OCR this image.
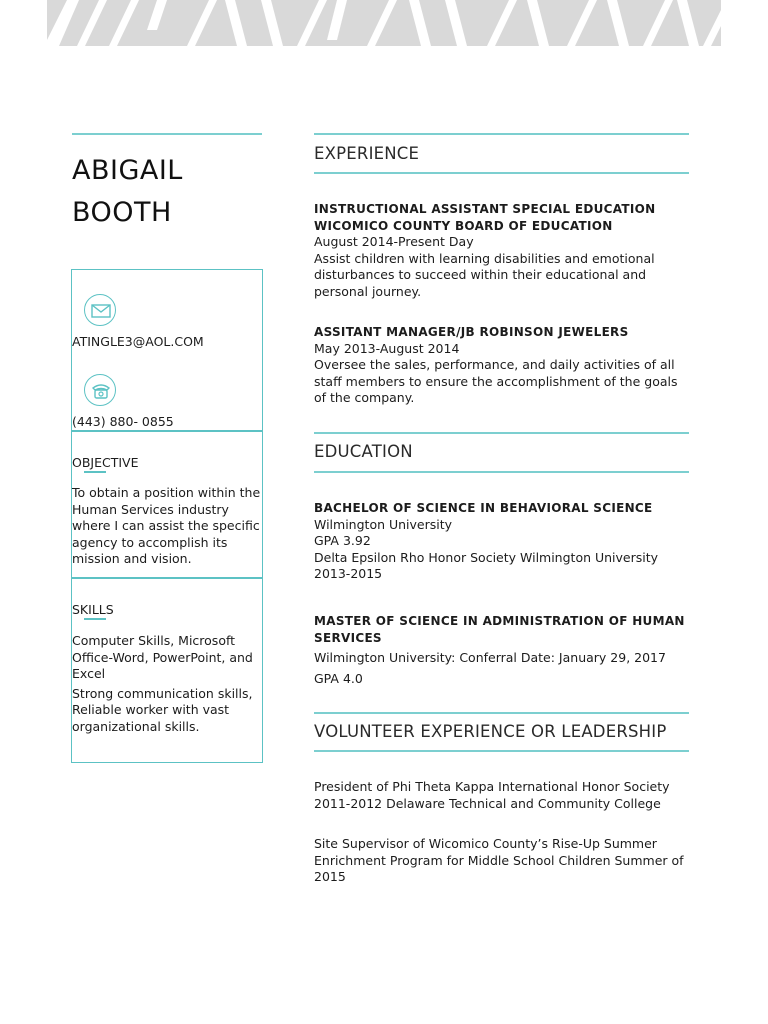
ABIGAIL
BOOTH
ATINGLE3@AOL.COM
(443) 880- 0855
OBJECTIVE

To obtain a position within the Human Services industry where I can assist the specific agency to accomplish its mission and vision.

SKILLS

Computer Skills, Microsoft Office-Word, PowerPoint, and Excel

Strong communication skills, Reliable worker with vast organizational skills.

EXPERIENCE

INSTRUCTIONAL ASSISTANT SPECIAL EDUCATION

WICOMICO COUNTY BOARD OF EDUCATION

August 2014-Present Day

Assist children with learning disabilities and emotional disturbances to succeed within their educational and personal journey.

ASSITANT MANAGER/JB ROBINSON JEWELERS

May 2013-August 2014

Oversee the sales, performance, and daily activities of all staff members to ensure the accomplishment of the goals of the company.

EDUCATION

BACHELOR OF SCIENCE IN BEHAVIORAL SCIENCE

Wilmington University

GPA 3.92

Delta Epsilon Rho Honor Society Wilmington University 2013-2015

MASTER OF SCIENCE IN ADMINISTRATION OF HUMAN SERVICES

Wilmington University: Conferral Date: January 29, 2017

GPA 4.0

VOLUNTEER EXPERIENCE OR LEADERSHIP

President of Phi Theta Kappa International Honor Society 2011-2012 Delaware Technical and Community College

Site Supervisor of Wicomico County’s Rise-Up Summer Enrichment Program for Middle School Children Summer of 2015
